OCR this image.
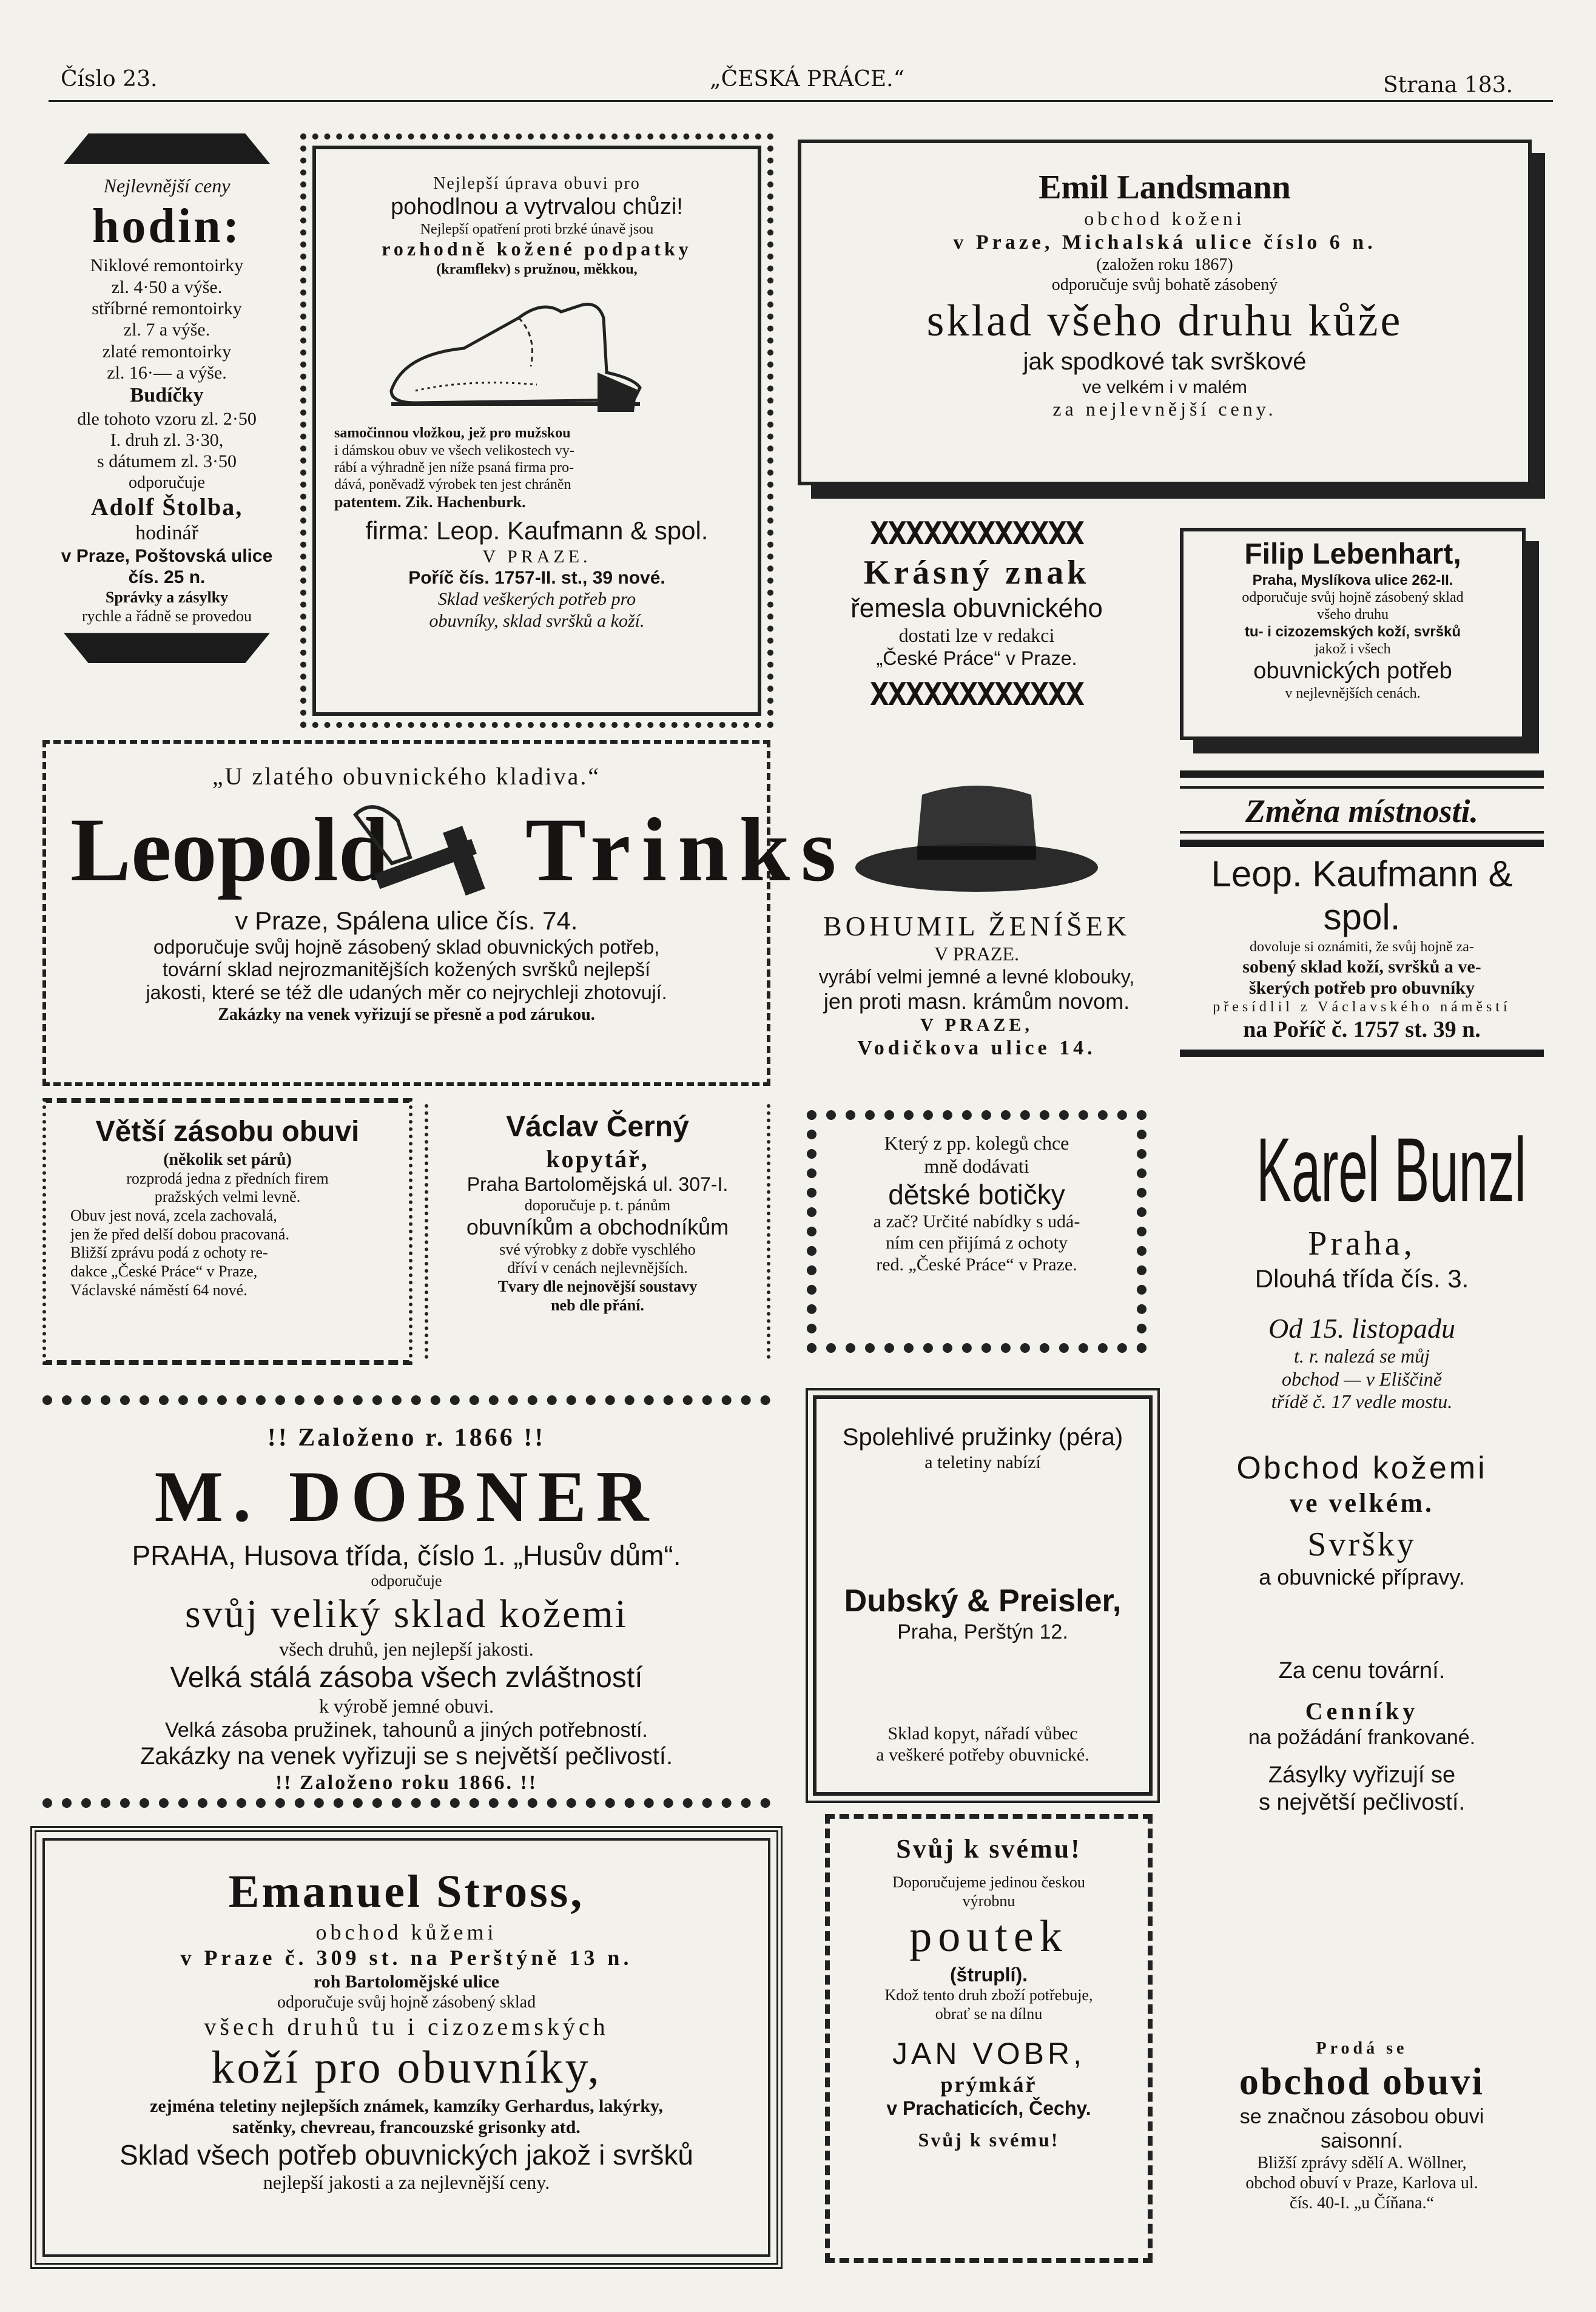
Číslo 23.	„ČESKÁ PRÁCE.“	Strana 183.
Nejlevnější ceny
hodin:
Niklové remontoirky
zl. 4·50 a výše.
stříbrné remontoirky
zl. 7 a výše.
zlaté remontoirky
zl. 16·— a výše.
Budíčky
dle tohoto vzoru zl. 2·50
I. druh zl. 3·30,
s dátumem zl. 3·50
odporučuje
Adolf Štolba,
hodinář
v Praze, Poštovská ulice
čís. 25 n.
Správky a zásylky
rychle a řádně se provedou
Nejlepší úprava obuvi pro
pohodlnou a vytrvalou chůzi!
Nejlepší opatření proti brzké únavě jsou
rozhodně kožené podpatky
(kramflekv) s pružnou, měkkou,
samočinnou vložkou, jež pro mužskou
i dámskou obuv ve všech velikostech vy-
rábí a výhradně jen níže psaná firma pro-
dává, poněvadž výrobek ten jest chráněn
patentem. Zik. Hachenburk.
firma: Leop. Kaufmann & spol.
V PRAZE.
Poříč čís. 1757-II. st., 39 nové.
Sklad veškerých potřeb pro
obuvníky, sklad svršků a koží.
Emil Landsmann
obchod koženi
v Praze, Michalská ulice číslo 6 n.
(založen roku 1867)
odporučuje svůj bohatě zásobený
sklad všeho druhu kůže
jak spodkové tak svrškové
ve velkém i v malém
za nejlevnější ceny.
XXXXXXXXXXXX
Krásný znak
řemesla obuvnického
dostati lze v redakci
„České Práce“ v Praze.
XXXXXXXXXXXX
Filip Lebenhart,
Praha, Myslíkova ulice 262-II.
odporučuje svůj hojně zásobený sklad
všeho druhu
tu- i cizozemských koží, svršků
jakož i všech
obuvnických potřeb
v nejlevnějších cenách.
„U zlatého obuvnického kladiva.“
Leopold Trinks
v Praze, Spálena ulice čís. 74.
odporučuje svůj hojně zásobený sklad obuvnických potřeb,
tovární sklad nejrozmanitějších kožených svršků nejlepší
jakosti, které se též dle udaných měr co nejrychleji zhotovují.
Zakázky na venek vyřizují se přesně a pod zárukou.
BOHUMIL ŽENÍŠEK
V PRAZE.
vyrábí velmi jemné a levné klobouky,
jen proti masn. krámům novom.
V PRAZE,
Vodičkova ulice 14.
Změna místnosti.
Leop. Kaufmann & spol.
dovoluje si oznámiti, že svůj hojně za-
sobený sklad koží, svršků a ve-
škerých potřeb pro obuvníky
přesídlil z Václavského náměstí
na Poříč č. 1757 st. 39 n.
Větší zásobu obuvi
(několik set párů)
rozprodá jedna z předních firem
pražských velmi levně.
Obuv jest nová, zcela zachovalá,
jen že před delší dobou pracovaná.
Bližší zprávu podá z ochoty re-
dakce „České Práce“ v Praze,
Václavské náměstí 64 nové.
Václav Černý
kopytář,
Praha Bartolomějská ul. 307-I.
doporučuje p. t. pánům
obuvníkům a obchodníkům
své výrobky z dobře vyschlého
dříví v cenách nejlevnějších.
Tvary dle nejnovější soustavy
neb dle přání.
Který z pp. kolegů chce
mně dodávati
dětské botičky
a zač? Určité nabídky s udá-
ním cen přijímá z ochoty
red. „České Práce“ v Praze.
Karel Bunzl
Praha,
Dlouhá třída čís. 3.
Od 15. listopadu
t. r. nalezá se můj
obchod — v Eliščině
třídě č. 17 vedle mostu.
Obchod kožemi
ve velkém.
Svršky
a obuvnické přípravy.
Za cenu tovární.
Cenníky
na požádání frankované.
Zásylky vyřizují se
s největší pečlivostí.
!! Založeno r. 1866 !!
M. DOBNER
PRAHA, Husova třída, číslo 1. „Husův dům“.
odporučuje
svůj veliký sklad kožemi
všech druhů, jen nejlepší jakosti.
Velká stálá zásoba všech zvláštností
k výrobě jemné obuvi.
Velká zásoba pružinek, tahounů a jiných potřebností.
Zakázky na venek vyřizuji se s největší pečlivostí.
!! Založeno roku 1866. !!
Spolehlivé pružinky (péra)
a teletiny nabízí
Dubský & Preisler,
Praha, Perštýn 12.
Sklad kopyt, nářadí vůbec
a veškeré potřeby obuvnické.
Emanuel Stross,
obchod kůžemi
v Praze č. 309 st. na Perštýně 13 n.
roh Bartolomějské ulice
odporučuje svůj hojně zásobený sklad
všech druhů tu i cizozemských
koží pro obuvníky,
zejména teletiny nejlepších známek, kamzíky Gerhardus, lakýrky,
satěnky, chevreau, francouzské grisonky atd.
Sklad všech potřeb obuvnických jakož i svršků
nejlepší jakosti a za nejlevnější ceny.
Svůj k svému!
Doporučujeme jedinou českou
výrobnu
poutek
(štruplí).
Kdož tento druh zboží potřebuje,
obrať se na dílnu
JAN VOBR,
prýmkář
v Prachaticích, Čechy.
Svůj k svému!
Prodá se
obchod obuvi
se značnou zásobou obuvi
saisonní.
Bližší zprávy sdělí A. Wöllner,
obchod obuví v Praze, Karlova ul.
čís. 40-I. „u Číňana.“
